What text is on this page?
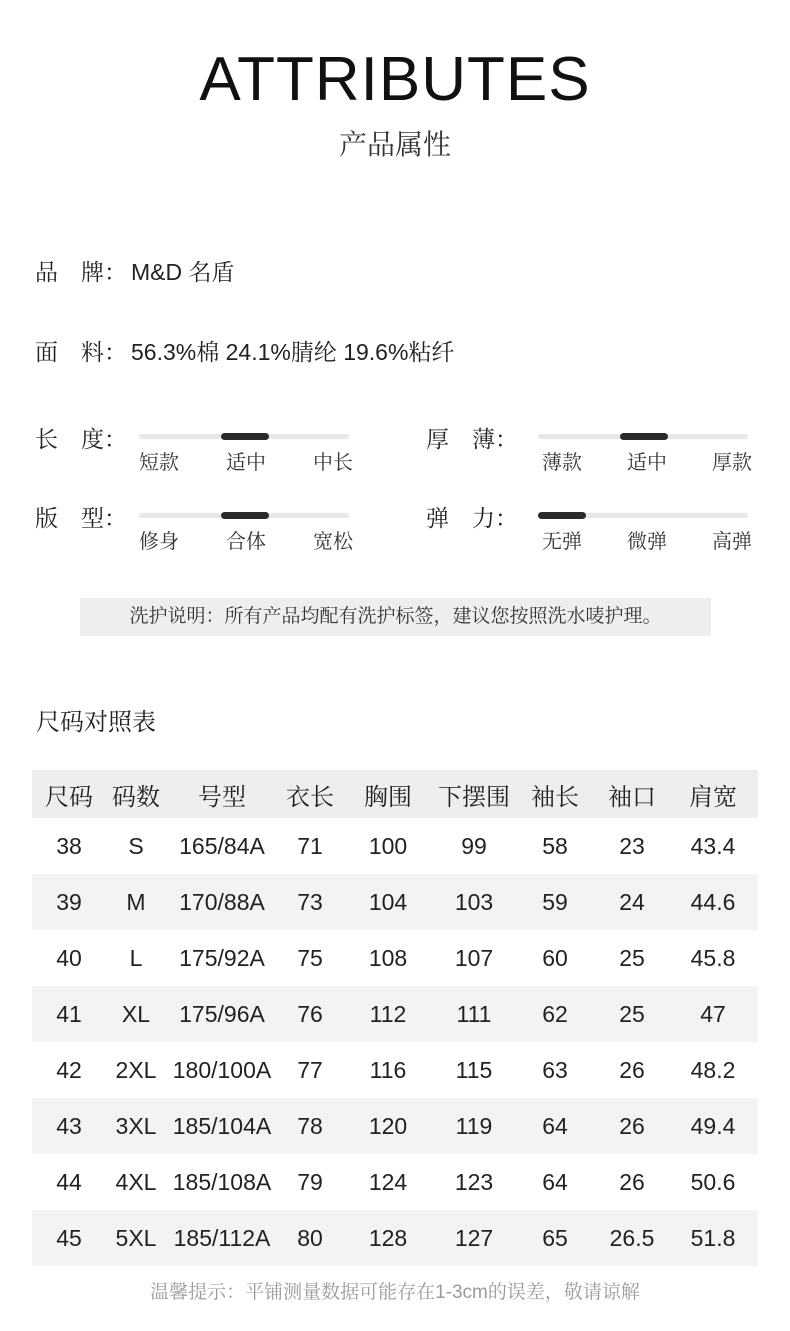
ATTRIBUTES
产品属性
品　牌： M&D 名盾
面　料： 56.3%棉 24.1%腈纶 19.6%粘纤
长　度：
短款 适中 中长
厚　薄：
薄款 适中 厚款
版　型：
修身 合体 宽松
弹　力：
无弹 微弹 高弹
洗护说明：所有产品均配有洗护标签，建议您按照洗水唛护理。
尺码对照表
尺码	码数	号型	衣长	胸围	下摆围	袖长	袖口	肩宽
38	S	165/84A	71	100	99	58	23	43.4
39	M	170/88A	73	104	103	59	24	44.6
40	L	175/92A	75	108	107	60	25	45.8
41	XL	175/96A	76	112	111	62	25	47
42	2XL	180/100A	77	116	115	63	26	48.2
43	3XL	185/104A	78	120	119	64	26	49.4
44	4XL	185/108A	79	124	123	64	26	50.6
45	5XL	185/112A	80	128	127	65	26.5	51.8
温馨提示：平铺测量数据可能存在1-3cm的误差，敬请谅解
